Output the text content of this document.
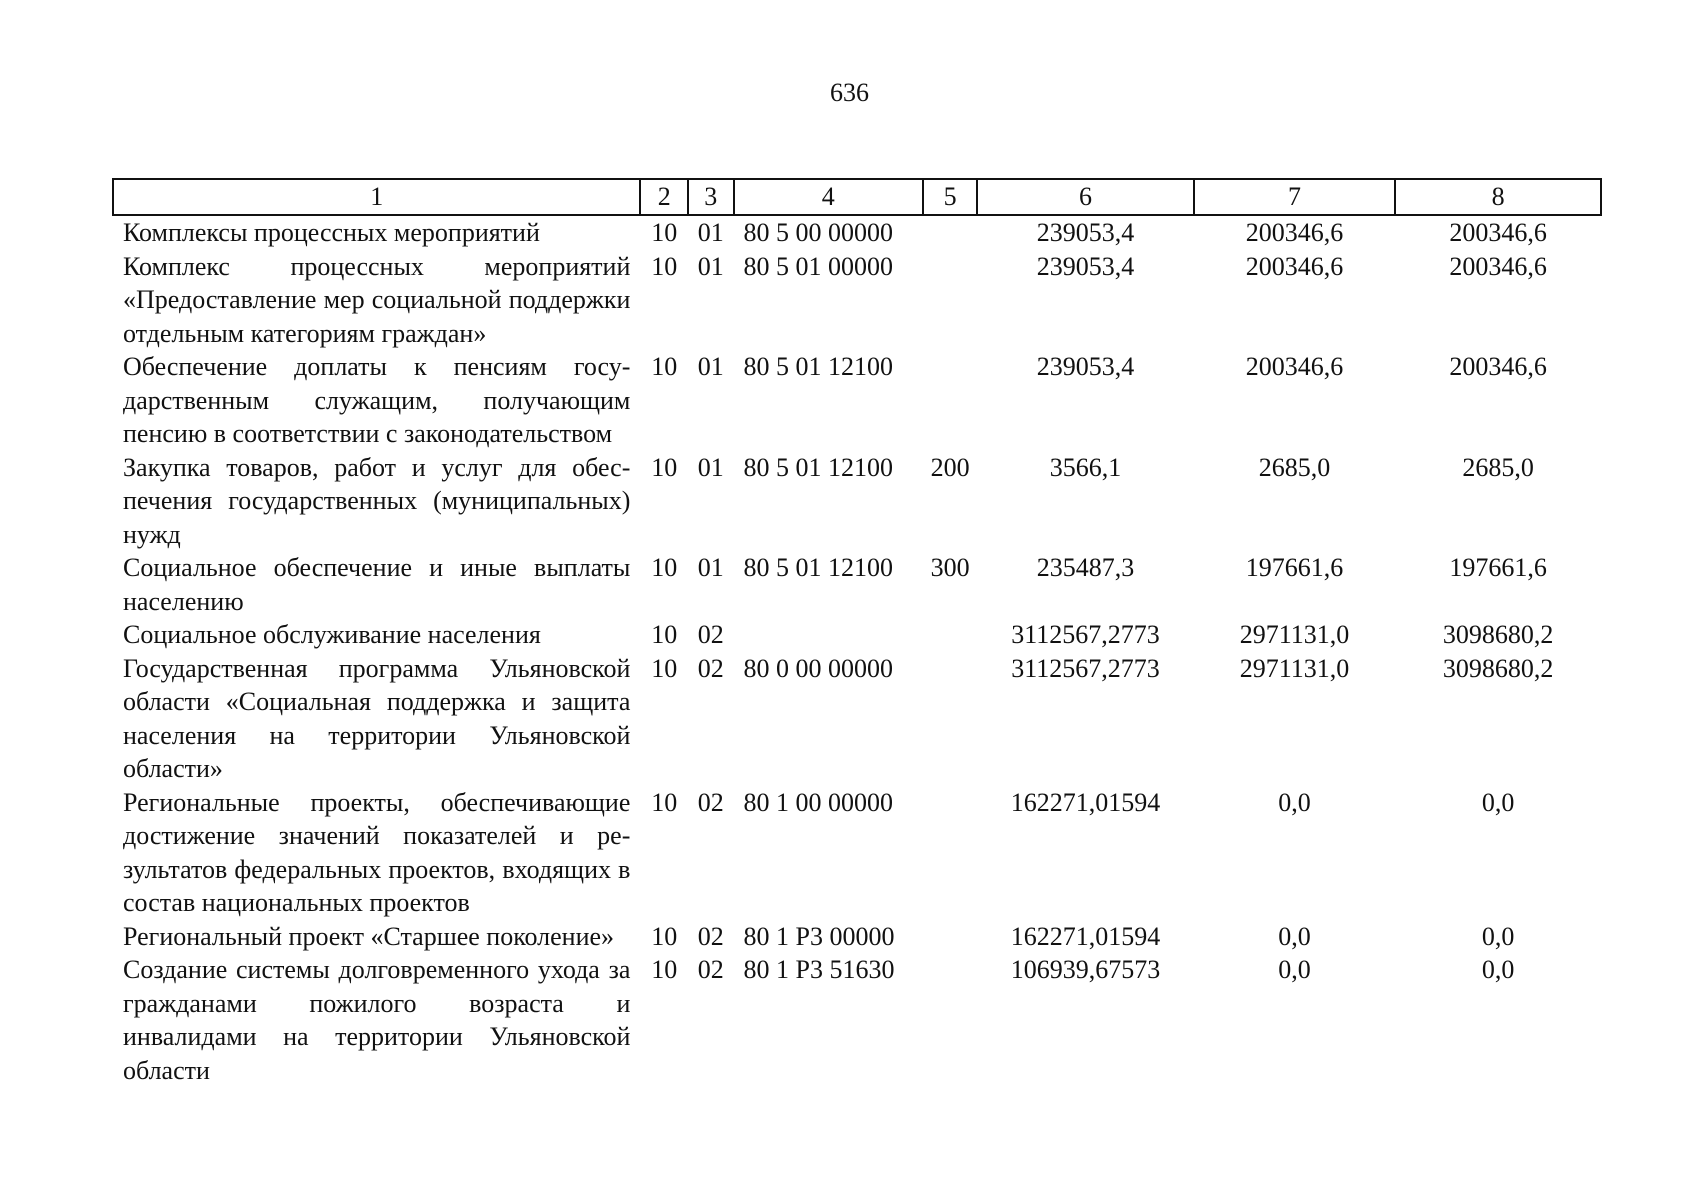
636
1	2	3	4	5	6	7	8
Комплексы процессных мероприятий	10	01	80 5 00 00000		239053,4	200346,6	200346,6
Комплекс процессных мероприятий «Предоставление мер социальной поддержки отдельным категориям граждан»	10	01	80 5 01 00000		239053,4	200346,6	200346,6
Обеспечение доплаты к пенсиям государственным служащим, получающим пенсию в соответствии с законодательством	10	01	80 5 01 12100		239053,4	200346,6	200346,6
Закупка товаров, работ и услуг для обеспечения государственных (муниципальных) нужд	10	01	80 5 01 12100	200	3566,1	2685,0	2685,0
Социальное обеспечение и иные выплаты населению	10	01	80 5 01 12100	300	235487,3	197661,6	197661,6
Социальное обслуживание населения	10	02			3112567,2773	2971131,0	3098680,2
Государственная программа Ульяновской области «Социальная поддержка и защита населения на территории Ульяновской области»	10	02	80 0 00 00000		3112567,2773	2971131,0	3098680,2
Региональные проекты, обеспечивающие достижение значений показателей и результатов федеральных проектов, входящих в состав национальных проектов	10	02	80 1 00 00000		162271,01594	0,0	0,0
Региональный проект «Старшее поколение»	10	02	80 1 Р3 00000		162271,01594	0,0	0,0
Создание системы долговременного ухода за гражданами пожилого возраста и инвалидами на территории Ульяновской области	10	02	80 1 Р3 51630		106939,67573	0,0	0,0
